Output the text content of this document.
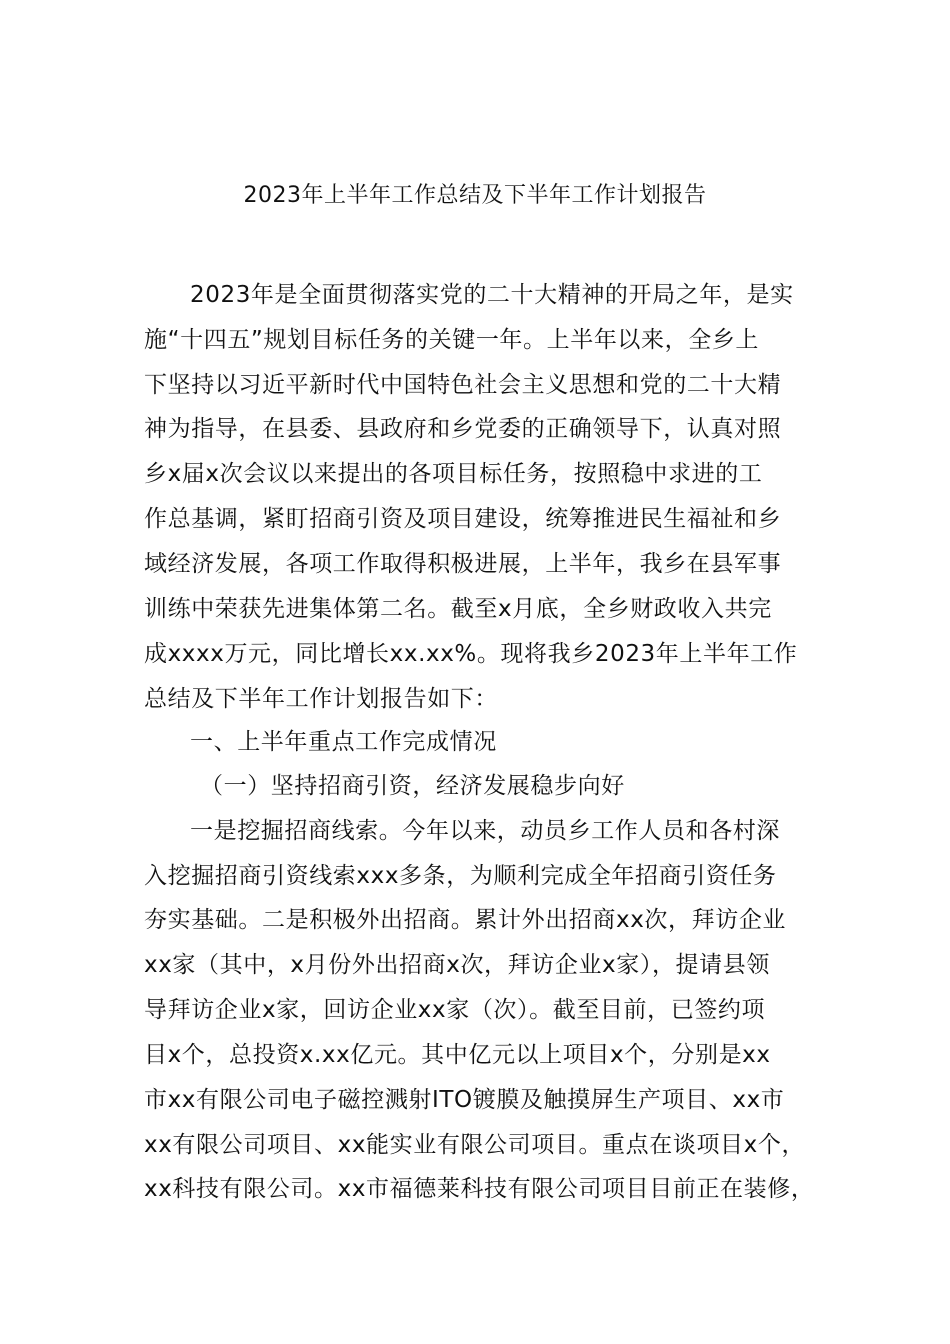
2023年上半年工作总结及下半年工作计划报告
2023年是全面贯彻落实党的二十大精神的开局之年，是实
施“十四五”规划目标任务的关键一年。上半年以来，全乡上
下坚持以习近平新时代中国特色社会主义思想和党的二十大精
神为指导，在县委、县政府和乡党委的正确领导下，认真对照
乡x届x次会议以来提出的各项目标任务，按照稳中求进的工
作总基调，紧盯招商引资及项目建设，统筹推进民生福祉和乡
域经济发展，各项工作取得积极进展，上半年，我乡在县军事
训练中荣获先进集体第二名。截至x月底，全乡财政收入共完
成xxxx万元，同比增长xx.xx%。现将我乡2023年上半年工作
总结及下半年工作计划报告如下：
一、上半年重点工作完成情况
（一）坚持招商引资，经济发展稳步向好
一是挖掘招商线索。今年以来，动员乡工作人员和各村深
入挖掘招商引资线索xxx多条，为顺利完成全年招商引资任务
夯实基础。二是积极外出招商。累计外出招商xx次，拜访企业
xx家（其中，x月份外出招商x次，拜访企业x家），提请县领
导拜访企业x家，回访企业xx家（次）。截至目前，已签约项
目x个，总投资x.xx亿元。其中亿元以上项目x个，分别是xx
市xx有限公司电子磁控溅射ITO镀膜及触摸屏生产项目、xx市
xx有限公司项目、xx能实业有限公司项目。重点在谈项目x个，
xx科技有限公司。xx市福德莱科技有限公司项目目前正在装修，
